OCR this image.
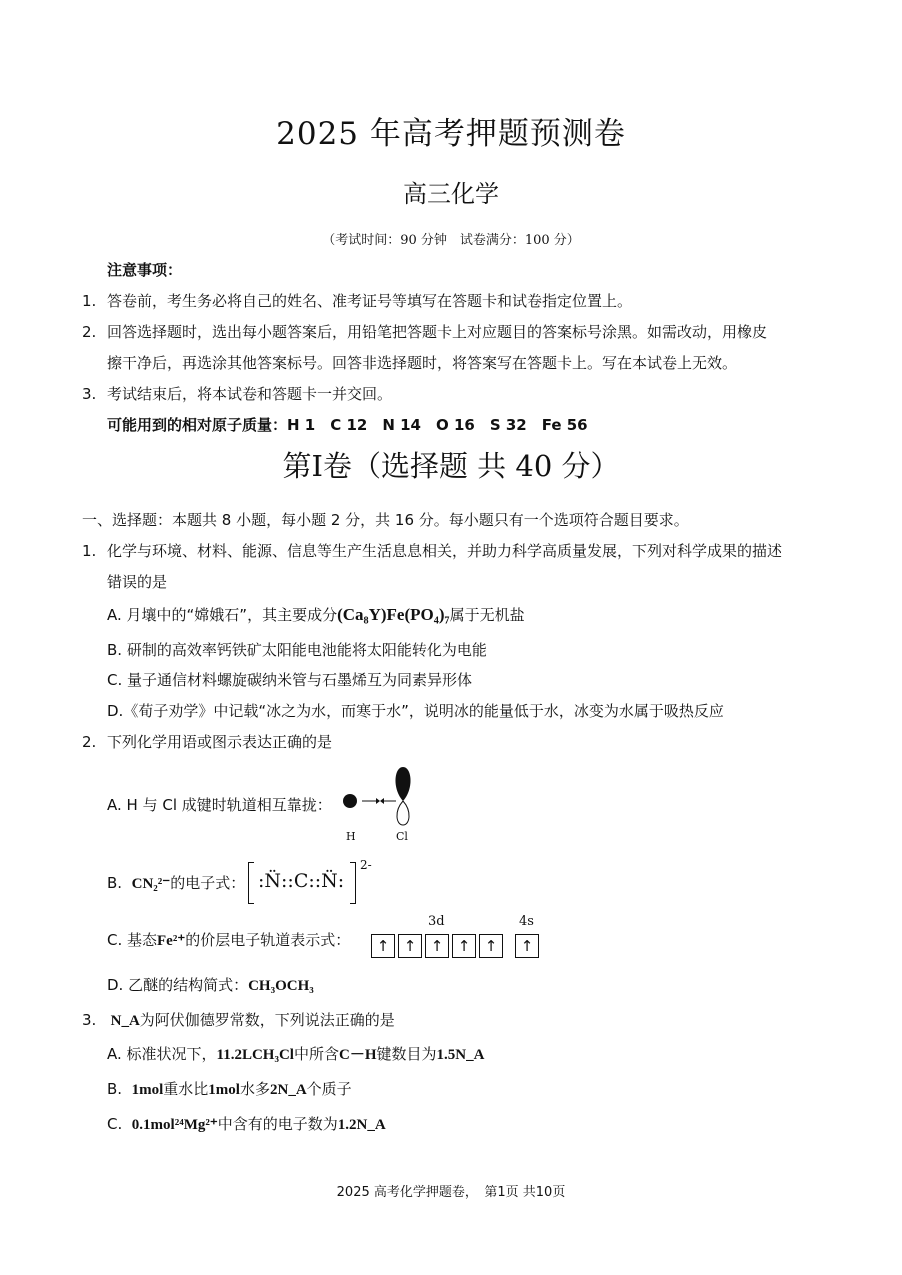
2025 年高考押题预测卷
高三化学
（考试时间：90 分钟　试卷满分：100 分）
注意事项：
1. 答卷前，考生务必将自己的姓名、准考证号等填写在答题卡和试卷指定位置上。
2. 回答选择题时，选出每小题答案后，用铅笔把答题卡上对应题目的答案标号涂黑。如需改动，用橡皮
擦干净后，再选涂其他答案标号。回答非选择题时，将答案写在答题卡上。写在本试卷上无效。
3. 考试结束后，将本试卷和答题卡一并交回。
可能用到的相对原子质量：H 1　C 12　N 14　O 16　S 32　Fe 56
第Ⅰ卷（选择题 共 40 分）
一、选择题：本题共 8 小题，每小题 2 分，共 16 分。每小题只有一个选项符合题目要求。
1. 化学与环境、材料、能源、信息等生产生活息息相关，并助力科学高质量发展，下列对科学成果的描述
错误的是
A. 月壤中的“嫦娥石”，其主要成分(Ca₈Y)Fe(PO₄)₇属于无机盐
B. 研制的高效率钙铁矿太阳能电池能将太阳能转化为电能
C. 量子通信材料螺旋碳纳米管与石墨烯互为同素异形体
D.《荀子劝学》中记载“冰之为水，而寒于水”，说明冰的能量低于水，冰变为水属于吸热反应
2. 下列化学用语或图示表达正确的是
A. H 与 Cl 成键时轨道相互靠拢：
H	Cl
B. CN₂²⁻的电子式： :N̈::C::N̈:
2-
C. 基态Fe²⁺的价层电子轨道表示式：
3d	4s
↑ ↑ ↑ ↑ ↑	↑
D. 乙醚的结构简式：CH₃OCH₃
3. N_A为阿伏伽德罗常数，下列说法正确的是
A. 标准状况下，11.2LCH₃Cl中所含C－H键数目为1.5N_A
B. 1mol重水比1mol水多2N_A个质子
C. 0.1mol²⁴Mg²⁺中含有的电子数为1.2N_A
2025 高考化学押题卷，　第1页 共10页
